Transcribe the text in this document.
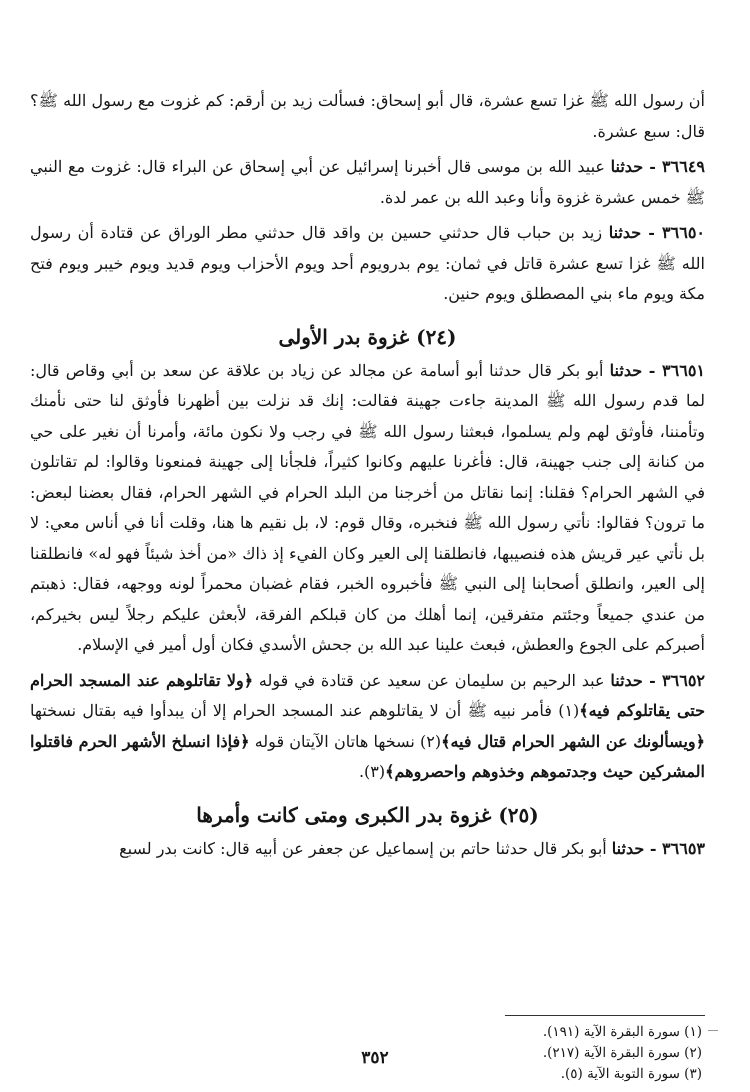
أن رسول الله ﷺ غزا تسع عشرة، قال أبو إسحاق: فسألت زيد بن أرقم: كم غزوت مع رسول الله ﷺ؟ قال: سبع عشرة.

٣٦٦٤٩ - حدثنا عبيد الله بن موسى قال أخبرنا إسرائيل عن أبي إسحاق عن البراء قال: غزوت مع النبي ﷺ خمس عشرة غزوة وأنا وعبد الله بن عمر لدة.

٣٦٦٥٠ - حدثنا زيد بن حباب قال حدثني حسين بن واقد قال حدثني مطر الوراق عن قتادة أن رسول الله ﷺ غزا تسع عشرة قاتل في ثمان: يوم بدرويوم أحد ويوم الأحزاب ويوم قديد ويوم خيبر ويوم فتح مكة ويوم ماء بني المصطلق ويوم حنين.

(٢٤) غزوة بدر الأولى

٣٦٦٥١ - حدثنا أبو بكر قال حدثنا أبو أسامة عن مجالد عن زياد بن علاقة عن سعد بن أبي وقاص قال: لما قدم رسول الله ﷺ المدينة جاءت جهينة فقالت: إنك قد نزلت بين أظهرنا فأوثق لنا حتى نأمنك وتأمننا، فأوثق لهم ولم يسلموا، فبعثنا رسول الله ﷺ في رجب ولا نكون مائة، وأمرنا أن نغير على حي من كنانة إلى جنب جهينة، قال: فأغرنا عليهم وكانوا كثيراً، فلجأنا إلى جهينة فمنعونا وقالوا: لم تقاتلون في الشهر الحرام؟ فقلنا: إنما نقاتل من أخرجنا من البلد الحرام في الشهر الحرام، فقال بعضنا لبعض: ما ترون؟ فقالوا: نأتي رسول الله ﷺ فنخبره، وقال قوم: لا، بل نقيم ها هنا، وقلت أنا في أناس معي: لا بل نأتي عير قريش هذه فنصيبها، فانطلقنا إلى العير وكان الفيء إذ ذاك «من أخذ شيئاً فهو له» فانطلقنا إلى العير، وانطلق أصحابنا إلى النبي ﷺ فأخبروه الخبر، فقام غضبان محمراً لونه ووجهه، فقال: ذهبتم من عندي جميعاً وجئتم متفرقين، إنما أهلك من كان قبلكم الفرقة، لأبعثن عليكم رجلاً ليس بخيركم، أصبركم على الجوع والعطش، فبعث علينا عبد الله بن جحش الأسدي فكان أول أمير في الإسلام.

٣٦٦٥٢ - حدثنا عبد الرحيم بن سليمان عن سعيد عن قتادة في قوله ﴿ولا تقاتلوهم عند المسجد الحرام حتى يقاتلوكم فيه﴾(١) فأمر نبيه ﷺ أن لا يقاتلوهم عند المسجد الحرام إلا أن يبدأوا فيه بقتال نسختها ﴿ويسألونك عن الشهر الحرام قتال فيه﴾(٢) نسخها هاتان الآيتان قوله ﴿فإذا انسلخ الأشهر الحرم فاقتلوا المشركين حيث وجدتموهم وخذوهم واحصروهم﴾(٣).

(٢٥) غزوة بدر الكبرى ومتى كانت وأمرها

٣٦٦٥٣ - حدثنا أبو بكر قال حدثنا حاتم بن إسماعيل عن جعفر عن أبيه قال: كانت بدر لسبع

(١) سورة البقرة الآية (١٩١).
(٢) سورة البقرة الآية (٢١٧).
(٣) سورة التوبة الآية (٥).
٣٥٢
